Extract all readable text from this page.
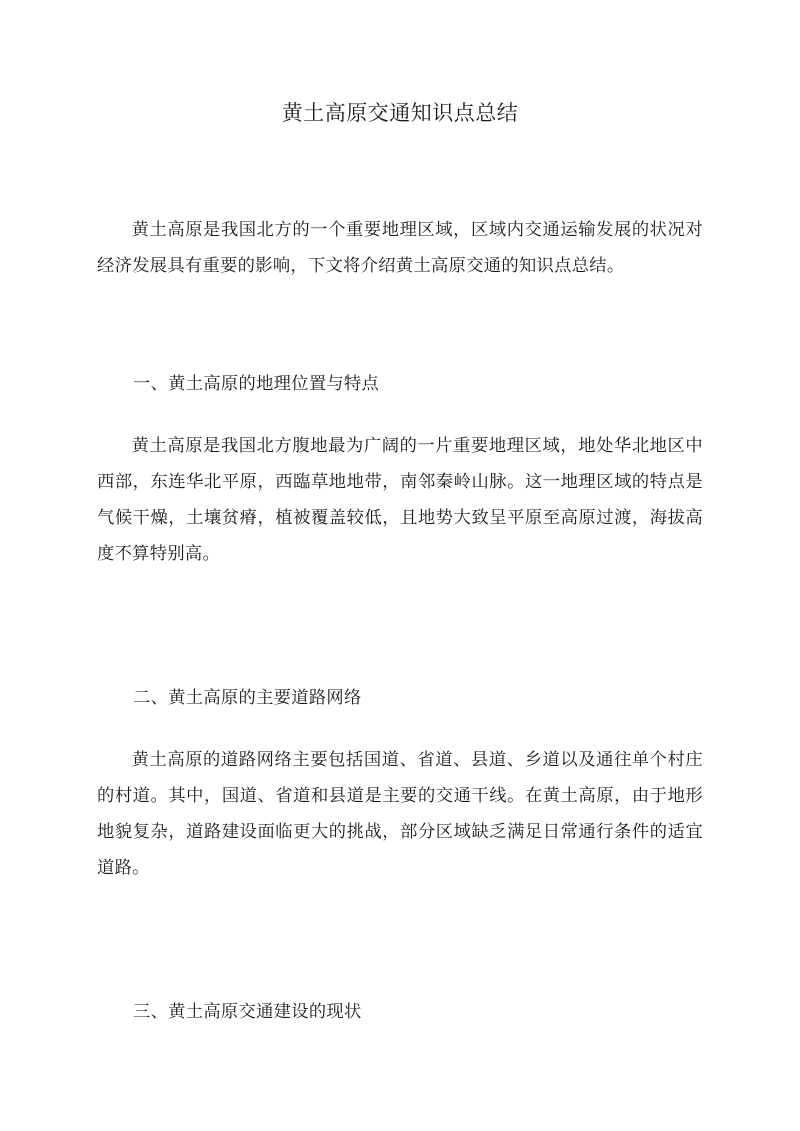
黄土高原交通知识点总结

黄土高原是我国北方的一个重要地理区域，区域内交通运输发展的状况对经济发展具有重要的影响，下文将介绍黄土高原交通的知识点总结。

一、黄土高原的地理位置与特点

黄土高原是我国北方腹地最为广阔的一片重要地理区域，地处华北地区中西部，东连华北平原，西臨草地地带，南邻秦岭山脉。这一地理区域的特点是气候干燥，土壤贫瘠，植被覆盖较低，且地势大致呈平原至高原过渡，海拔高度不算特别高。

二、黄土高原的主要道路网络

黄土高原的道路网络主要包括国道、省道、县道、乡道以及通往单个村庄的村道。其中，国道、省道和县道是主要的交通干线。在黄土高原，由于地形地貌复杂，道路建设面临更大的挑战，部分区域缺乏满足日常通行条件的适宜道路。

三、黄土高原交通建设的现状
